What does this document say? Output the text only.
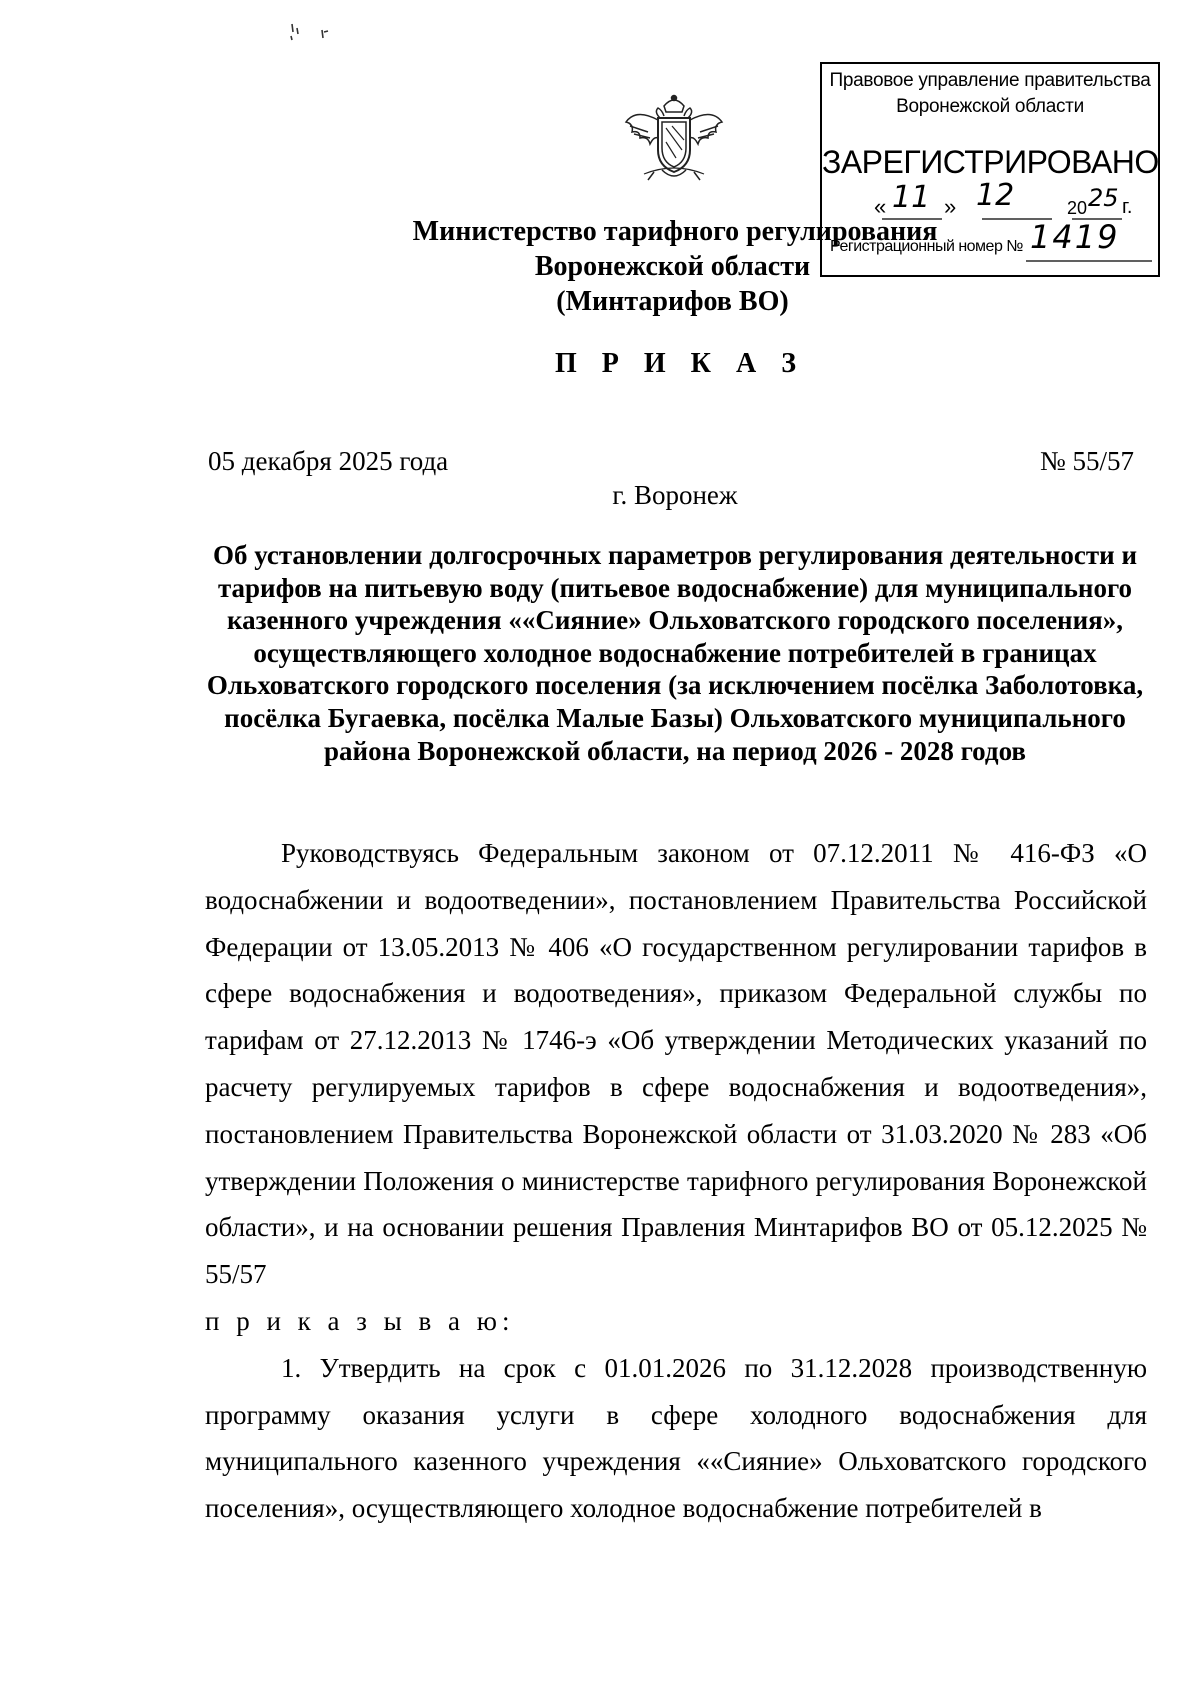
Правовое управление правительства
Воронежской области
ЗАРЕГИСТРИРОВАНО
« 11 » 12	20 25 г.
Регистрационный номер № 1419
Министерство тарифного регулирования
Воронежской области
(Минтарифов ВО)
П Р И К А З
05 декабря 2025 года	№ 55/57
г. Воронеж
Об установлении долгосрочных параметров регулирования деятельности и тарифов на питьевую воду (питьевое водоснабжение) для муниципального казенного учреждения ««Сияние» Ольховатского городского поселения», осуществляющего холодное водоснабжение потребителей в границах Ольховатского городского поселения (за исключением посёлка Заболотовка, посёлка Бугаевка, посёлка Малые Базы) Ольховатского муниципального района Воронежской области, на период 2026 - 2028 годов

Руководствуясь Федеральным законом от 07.12.2011 № 416-ФЗ «О водоснабжении и водоотведении», постановлением Правительства Российской Федерации от 13.05.2013 № 406 «О государственном регулировании тарифов в сфере водоснабжения и водоотведения», приказом Федеральной службы по тарифам от 27.12.2013 № 1746-э «Об утверждении Методических указаний по расчету регулируемых тарифов в сфере водоснабжения и водоотведения», постановлением Правительства Воронежской области от 31.03.2020 № 283 «Об утверждении Положения о министерстве тарифного регулирования Воронежской области», и на основании решения Правления Минтарифов ВО от 05.12.2025 № 55/57

п р и к а з ы в а ю:

1. Утвердить на срок с 01.01.2026 по 31.12.2028 производственную программу оказания услуги в сфере холодного водоснабжения для муниципального казенного учреждения ««Сияние» Ольховатского городского поселения», осуществляющего холодное водоснабжение потребителей в
